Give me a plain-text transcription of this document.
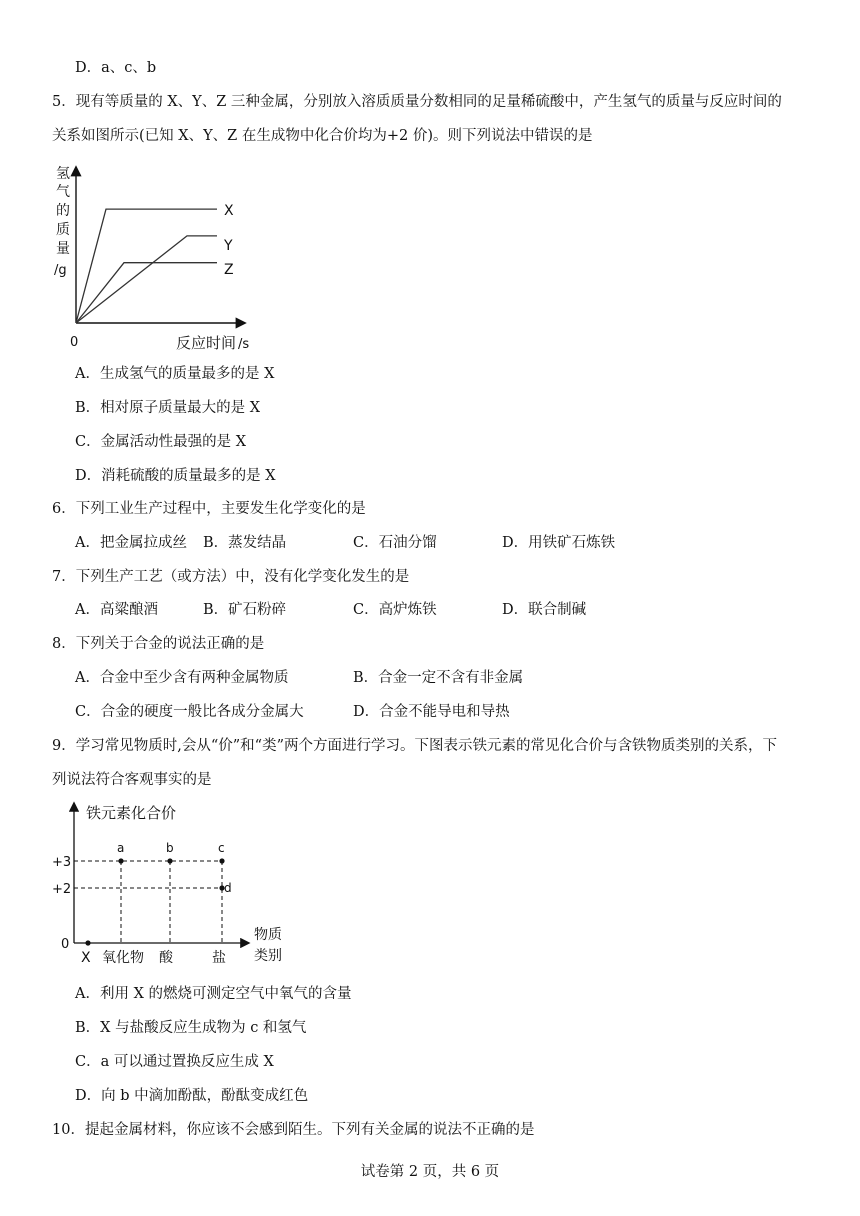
D．a、c、b
5．现有等质量的 X、Y、Z 三种金属，分别放入溶质质量分数相同的足量稀硫酸中，产生氢气的质量与反应时间的
关系如图所示(已知 X、Y、Z 在生成物中化合价均为+2 价)。则下列说法中错误的是
氢
气
的
质
量
/g
0	反应时间 /s
X
Y
Z
A．生成氢气的质量最多的是 X
B．相对原子质量最大的是 X
C．金属活动性最强的是 X
D．消耗硫酸的质量最多的是 X
6．下列工业生产过程中，主要发生化学变化的是
A．把金属拉成丝 B．蒸发结晶	C．石油分馏	D．用铁矿石炼铁
7．下列生产工艺（或方法）中，没有化学变化发生的是
A．高粱酿酒	B．矿石粉碎	C．高炉炼铁	D．联合制碱
8．下列关于合金的说法正确的是
A．合金中至少含有两种金属物质	B．合金一定不含有非金属
C．合金的硬度一般比各成分金属大	D．合金不能导电和导热
9．学习常见物质时,会从“价”和“类”两个方面进行学习。下图表示铁元素的常见化合价与含铁物质类别的关系，下
列说法符合客观事实的是
铁元素化合价
+3
+2
0
a	b	c
d
X 氧化物 酸	盐
物质
类别
A．利用 X 的燃烧可测定空气中氧气的含量
B．X 与盐酸反应生成物为 c 和氢气
C．a 可以通过置换反应生成 X
D．向 b 中滴加酚酞，酚酞变成红色
10．提起金属材料，你应该不会感到陌生。下列有关金属的说法不正确的是
试卷第 2 页，共 6 页
